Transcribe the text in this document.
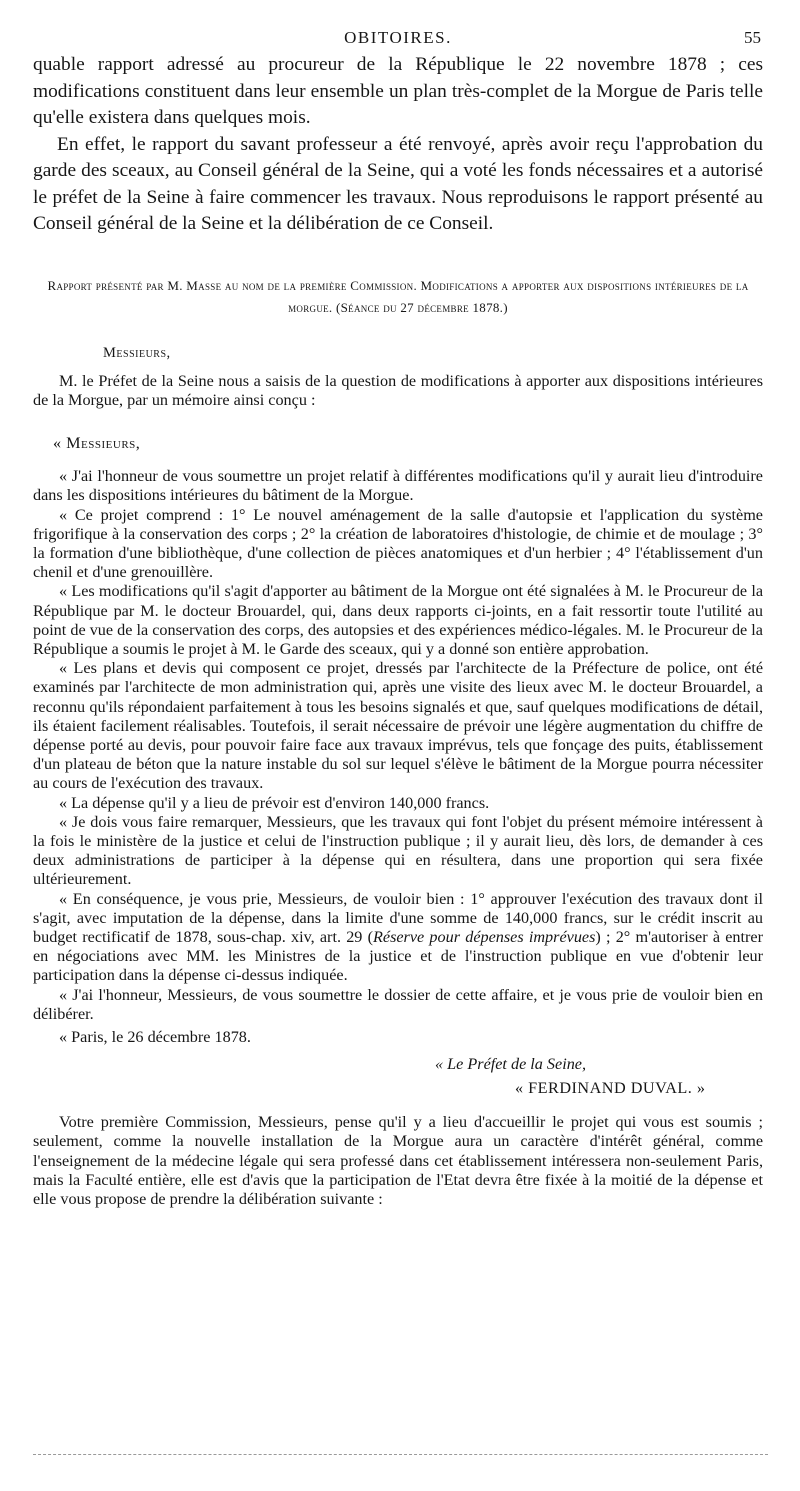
OBITOIRES.	55

quable rapport adressé au procureur de la République le 22 novembre 1878 ; ces modifications constituent dans leur ensemble un plan très-complet de la Morgue de Paris telle qu'elle existera dans quelques mois.

En effet, le rapport du savant professeur a été renvoyé, après avoir reçu l'approbation du garde des sceaux, au Conseil général de la Seine, qui a voté les fonds nécessaires et a autorisé le préfet de la Seine à faire commencer les travaux. Nous reproduisons le rapport présenté au Conseil général de la Seine et la délibération de ce Conseil.

Rapport présenté par M. Masse au nom de la première Commission. Modifications a apporter aux dispositions intérieures de la morgue. (Séance du 27 décembre 1878.)
Messieurs,

M. le Préfet de la Seine nous a saisis de la question de modifications à apporter aux dispositions intérieures de la Morgue, par un mémoire ainsi conçu :

« Messieurs,

« J'ai l'honneur de vous soumettre un projet relatif à différentes modifications qu'il y aurait lieu d'introduire dans les dispositions intérieures du bâtiment de la Morgue.

« Ce projet comprend : 1° Le nouvel aménagement de la salle d'autopsie et l'application du système frigorifique à la conservation des corps ; 2° la création de laboratoires d'histologie, de chimie et de moulage ; 3° la formation d'une bibliothèque, d'une collection de pièces anatomiques et d'un herbier ; 4° l'établissement d'un chenil et d'une grenouillère.

« Les modifications qu'il s'agit d'apporter au bâtiment de la Morgue ont été signalées à M. le Procureur de la République par M. le docteur Brouardel, qui, dans deux rapports ci-joints, en a fait ressortir toute l'utilité au point de vue de la conservation des corps, des autopsies et des expériences médico-légales. M. le Procureur de la République a soumis le projet à M. le Garde des sceaux, qui y a donné son entière approbation.

« Les plans et devis qui composent ce projet, dressés par l'architecte de la Préfecture de police, ont été examinés par l'architecte de mon administration qui, après une visite des lieux avec M. le docteur Brouardel, a reconnu qu'ils répondaient parfaitement à tous les besoins signalés et que, sauf quelques modifications de détail, ils étaient facilement réalisables. Toutefois, il serait nécessaire de prévoir une légère augmentation du chiffre de dépense porté au devis, pour pouvoir faire face aux travaux imprévus, tels que fonçage des puits, établissement d'un plateau de béton que la nature instable du sol sur lequel s'élève le bâtiment de la Morgue pourra nécessiter au cours de l'exécution des travaux.

« La dépense qu'il y a lieu de prévoir est d'environ 140,000 francs.

« Je dois vous faire remarquer, Messieurs, que les travaux qui font l'objet du présent mémoire intéressent à la fois le ministère de la justice et celui de l'instruction publique ; il y aurait lieu, dès lors, de demander à ces deux administrations de participer à la dépense qui en résultera, dans une proportion qui sera fixée ultérieurement.

« En conséquence, je vous prie, Messieurs, de vouloir bien : 1° approuver l'exécution des travaux dont il s'agit, avec imputation de la dépense, dans la limite d'une somme de 140,000 francs, sur le crédit inscrit au budget rectificatif de 1878, sous-chap. xiv, art. 29 (Réserve pour dépenses imprévues) ; 2° m'autoriser à entrer en négociations avec MM. les Ministres de la justice et de l'instruction publique en vue d'obtenir leur participation dans la dépense ci-dessus indiquée.

« J'ai l'honneur, Messieurs, de vous soumettre le dossier de cette affaire, et je vous prie de vouloir bien en délibérer.

« Paris, le 26 décembre 1878.

« Le Préfet de la Seine,
« FERDINAND DUVAL. »

Votre première Commission, Messieurs, pense qu'il y a lieu d'accueillir le projet qui vous est soumis ; seulement, comme la nouvelle installation de la Morgue aura un caractère d'intérêt général, comme l'enseignement de la médecine légale qui sera professé dans cet établissement intéressera non-seulement Paris, mais la Faculté entière, elle est d'avis que la participation de l'Etat devra être fixée à la moitié de la dépense et elle vous propose de prendre la délibération suivante :
